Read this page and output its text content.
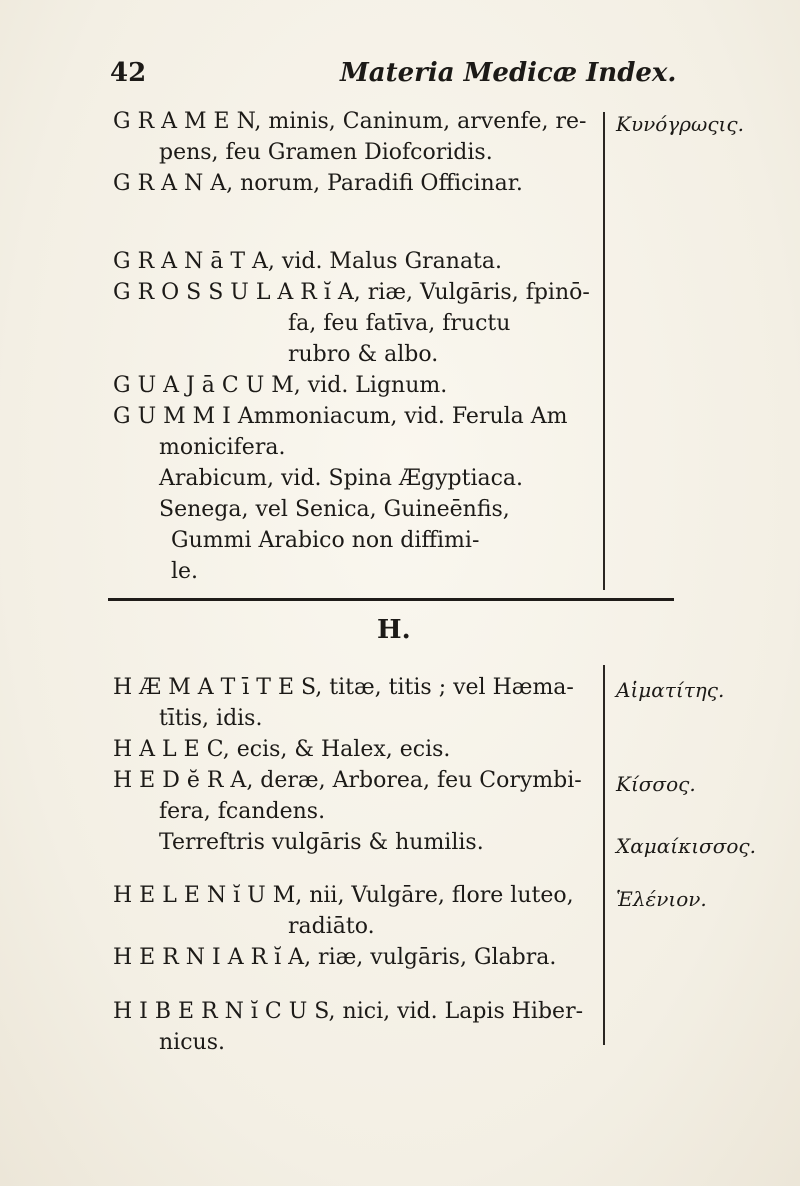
42	Materia Medicæ Index.
G R A M E N, minis, Caninum, arvenfe, re-
pens, feu Gramen Diofcoridis.
G R A N A, norum, Paradifi Officinar.
Κυνόγρωςις.
G R A N ā T A, vid. Malus Granata.
G R O S S U L A R ĭ A, riæ, Vulgāris, fpinō-
fa, feu fatīva, fructu
rubro & albo.
G U A J ā C U M, vid. Lignum.
G U M M I Ammoniacum, vid. Ferula Am
monicifera.
Arabicum, vid. Spina Ægyptiaca.
Senega, vel Senica, Guineēnfis,
Gummi Arabico non diffimi-
le.
H.
H Æ M A T ī T E S, titæ, titis ; vel Hæma-
tītis, idis.
H A L E C, ecis, & Halex, ecis.
H E D ĕ R A, deræ, Arborea, feu Corymbi-
fera, fcandens.
Terreftris vulgāris & humilis.
H E L E N ĭ U M, nii, Vulgāre, flore luteo,
radiāto.
H E R N I A R ĭ A, riæ, vulgāris, Glabra.
H I B E R N ĭ C U S, nici, vid. Lapis Hiber-
nicus.
Αἱματίτης.
Κίσσος.
Χαμαίκισσος.
Ἑλένιον.
